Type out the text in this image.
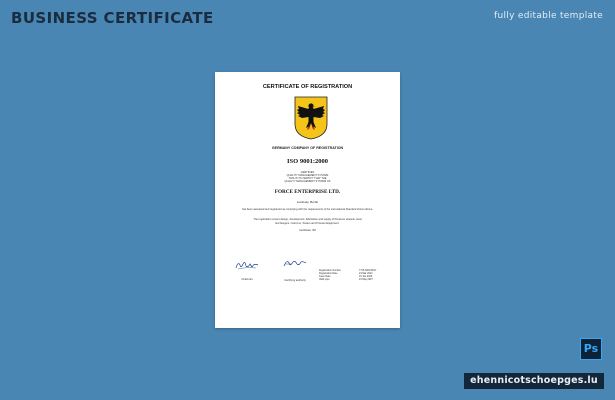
BUSINESS CERTIFICATE	fully editable template
CERTIFICATE OF REGISTRATION
GERMANY COMPANY OF REGISTRATION
ISO 9001:2000
CERTIFIES
QUALITY MANAGEMENT SYSTEM
THIS IS TO CERTIFY THAT THE
QUALITY MANAGEMENT SYSTEM OF
FORCE ENTERPRISE LTD.
Germany, Berlin
has been assessed and registered as complying with the requirements of the international Standard shown above.
The registration covers design, development, fabrication and supply of Pressure Vessels, Heat
Exchangers, Columns, Towers and Process Equipment.
Certificate: 0M
Chairman	Certifying authority
Registration Number	7715 0001/9917
Registration Date	24 Mar 2024
Issue Date	15 Jan 2026
Valid upto	23 May 2027
Ps
ehennicotschoepges.lu
